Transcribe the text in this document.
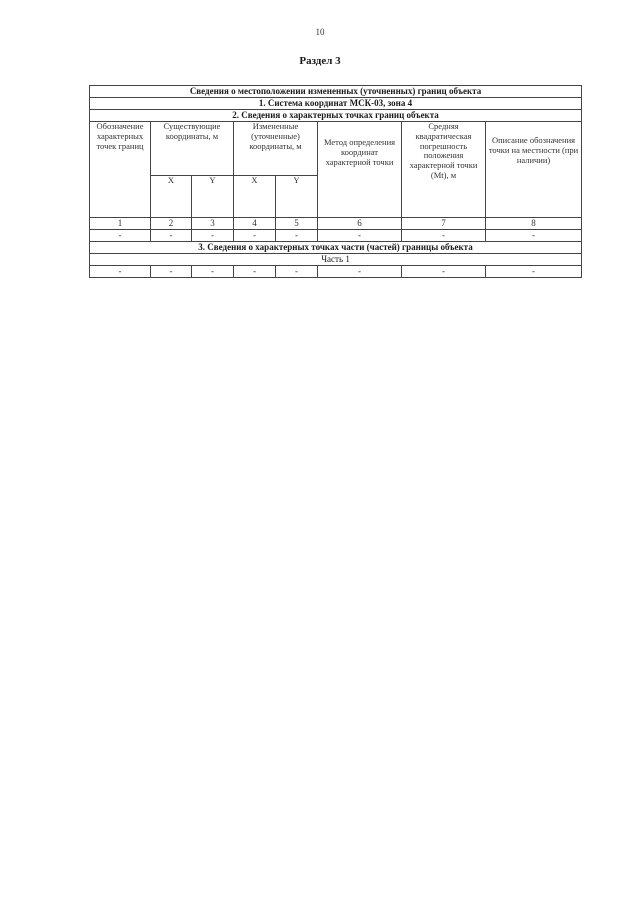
10
Раздел 3
Сведения о местоположении измененных (уточненных) границ объекта							
1. Система координат МСК-03, зона 4							
2. Сведения о характерных точках границ объекта							
Обозначение характерных точек границ	Существующие координаты, м		Измененные (уточненные) координаты, м		Метод определения координат характерной точки	Средняя квадратическая погрешность положения характерной точки (Mt), м	Описание обозначения точки на местности (при наличии)
	X	Y	X	Y			
1	2	3	4	5	6	7	8
-	-	-	-	-	-	-	-
3. Сведения о характерных точках части (частей) границы объекта							
Часть 1							
-	-	-	-	-	-	-	-
